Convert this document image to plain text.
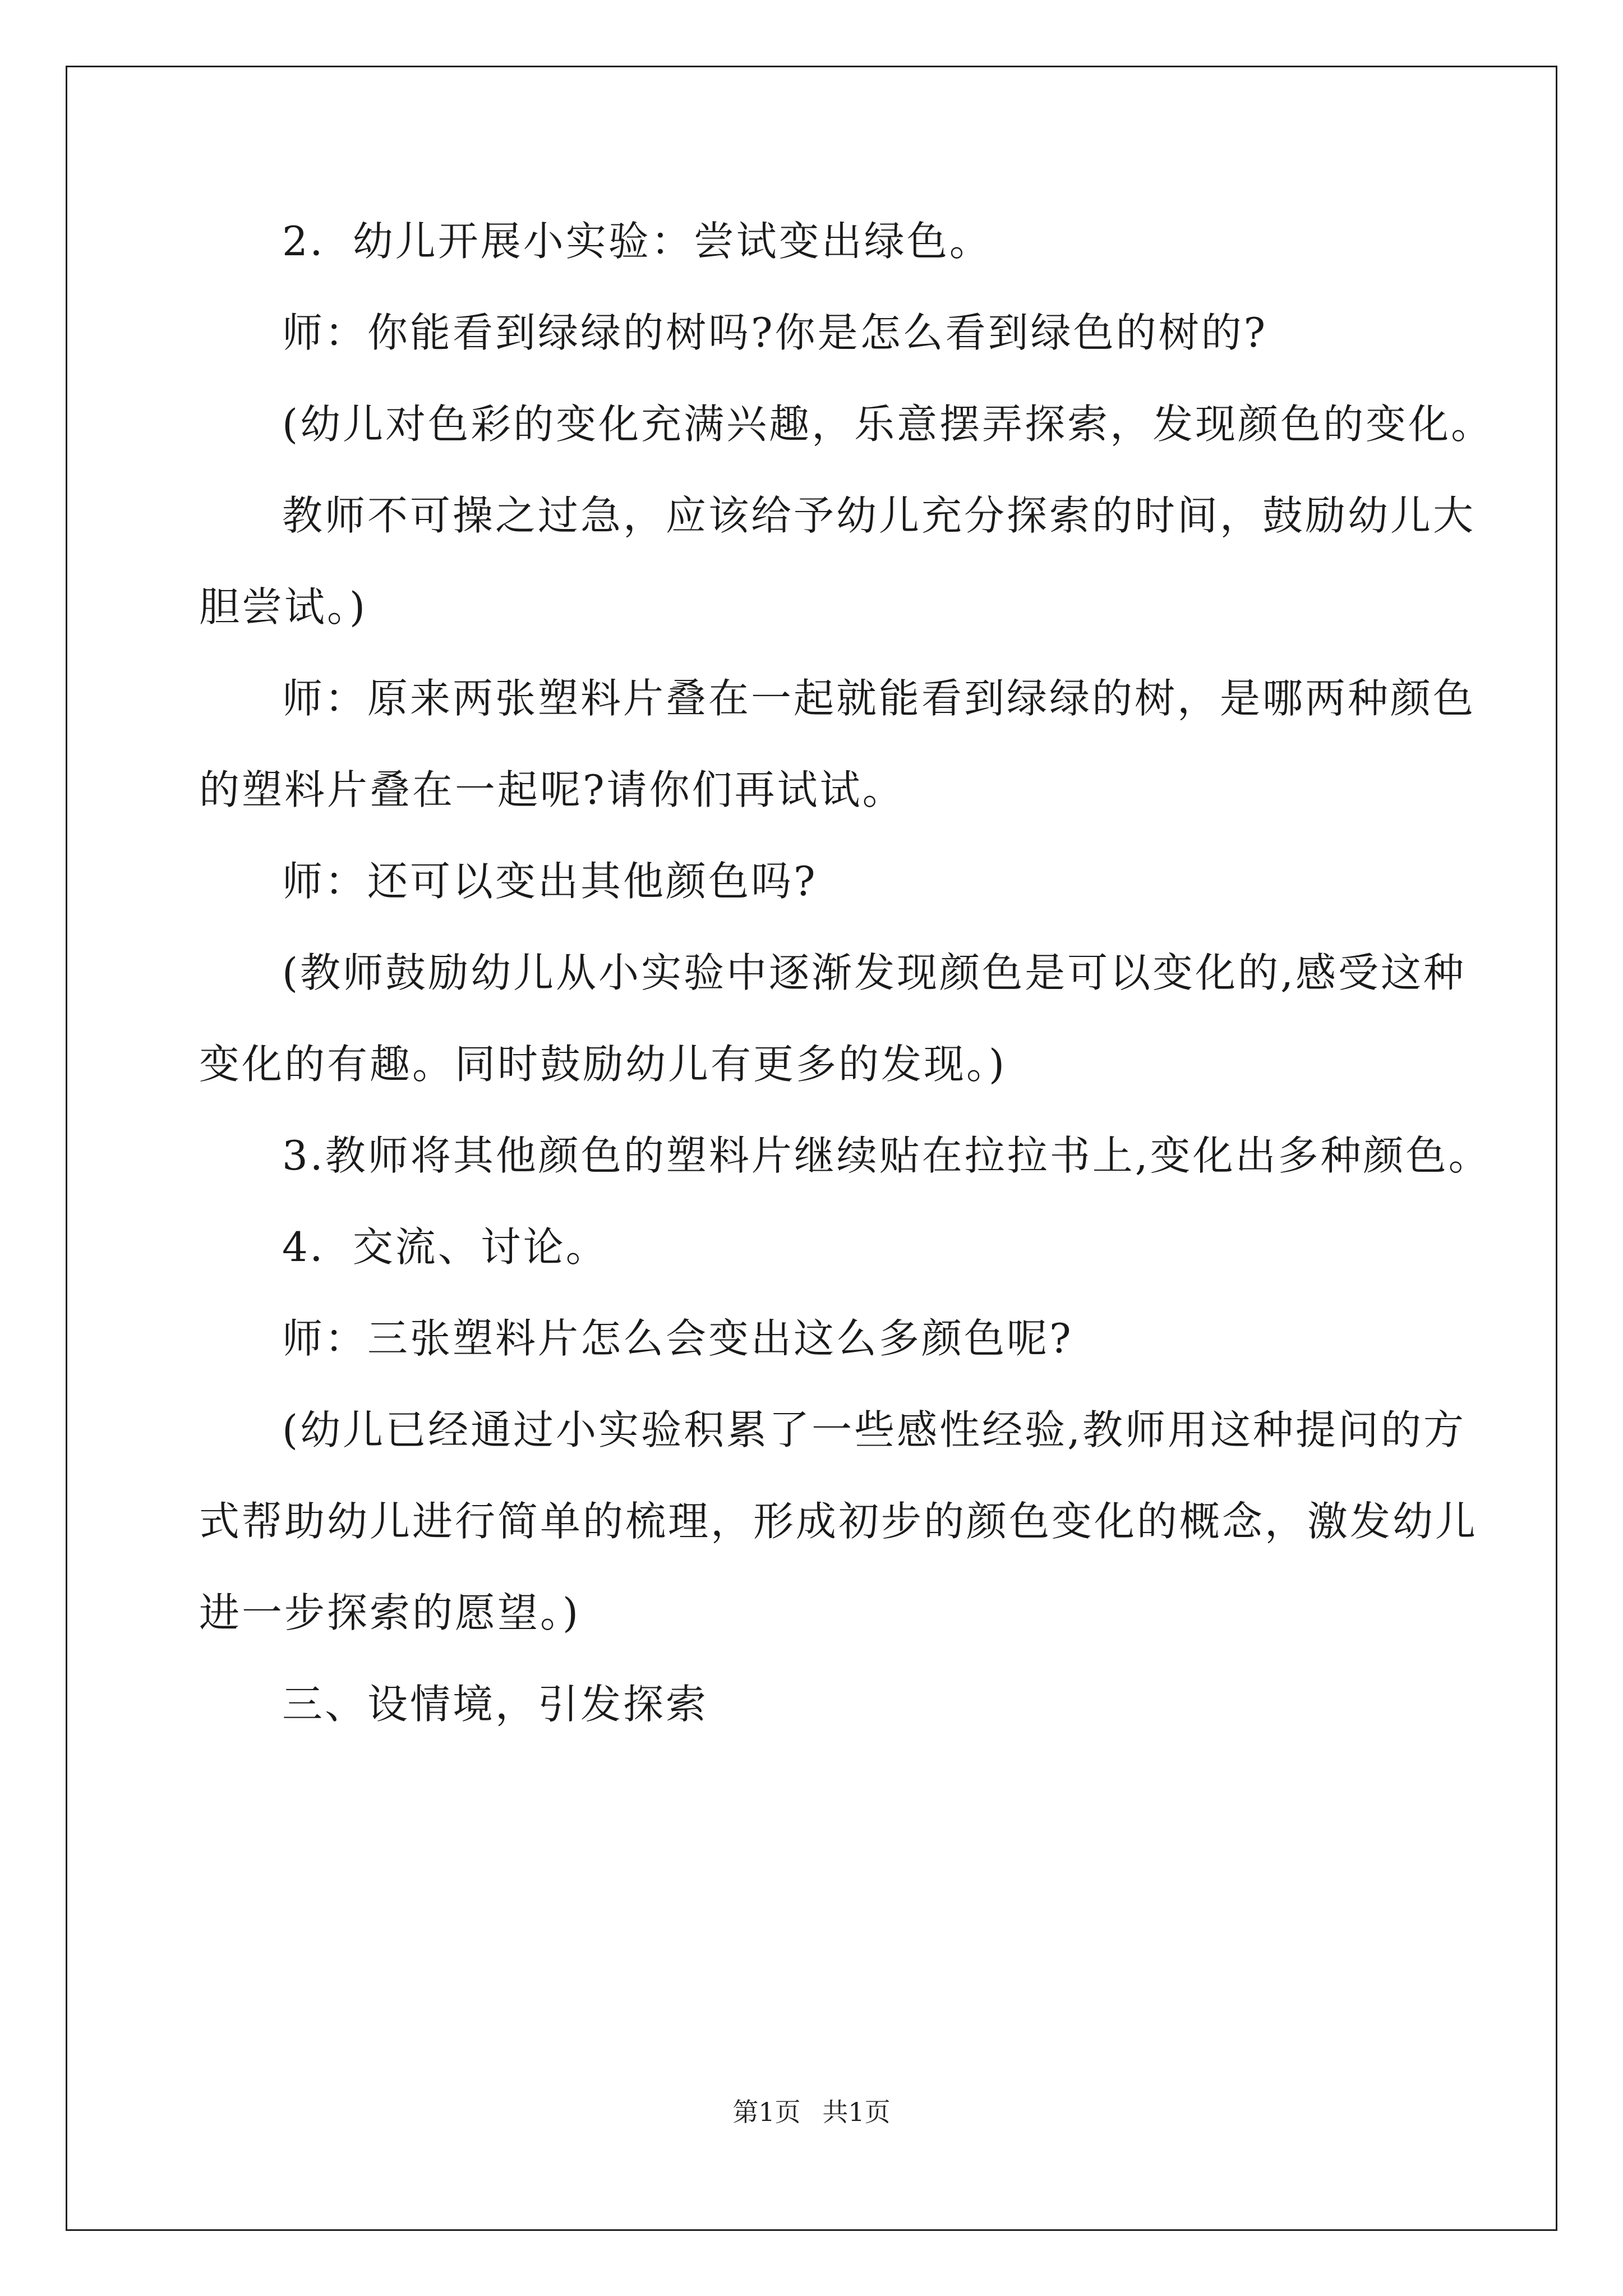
2．幼儿开展小实验：尝试变出绿色。
师：你能看到绿绿的树吗?你是怎么看到绿色的树的?
(幼儿对色彩的变化充满兴趣，乐意摆弄探索，发现颜色的变化。
教师不可操之过急，应该给予幼儿充分探索的时间，鼓励幼儿大
胆尝试。)
师：原来两张塑料片叠在一起就能看到绿绿的树，是哪两种颜色
的塑料片叠在一起呢?请你们再试试。
师：还可以变出其他颜色吗?
(教师鼓励幼儿从小实验中逐渐发现颜色是可以变化的,感受这种
变化的有趣。同时鼓励幼儿有更多的发现。)
3.教师将其他颜色的塑料片继续贴在拉拉书上,变化出多种颜色。
4．交流、讨论。
师：三张塑料片怎么会变出这么多颜色呢?
(幼儿已经通过小实验积累了一些感性经验,教师用这种提问的方
式帮助幼儿进行简单的梳理，形成初步的颜色变化的概念，激发幼儿
进一步探索的愿望。)
三、设情境，引发探索
第1页 共1页
